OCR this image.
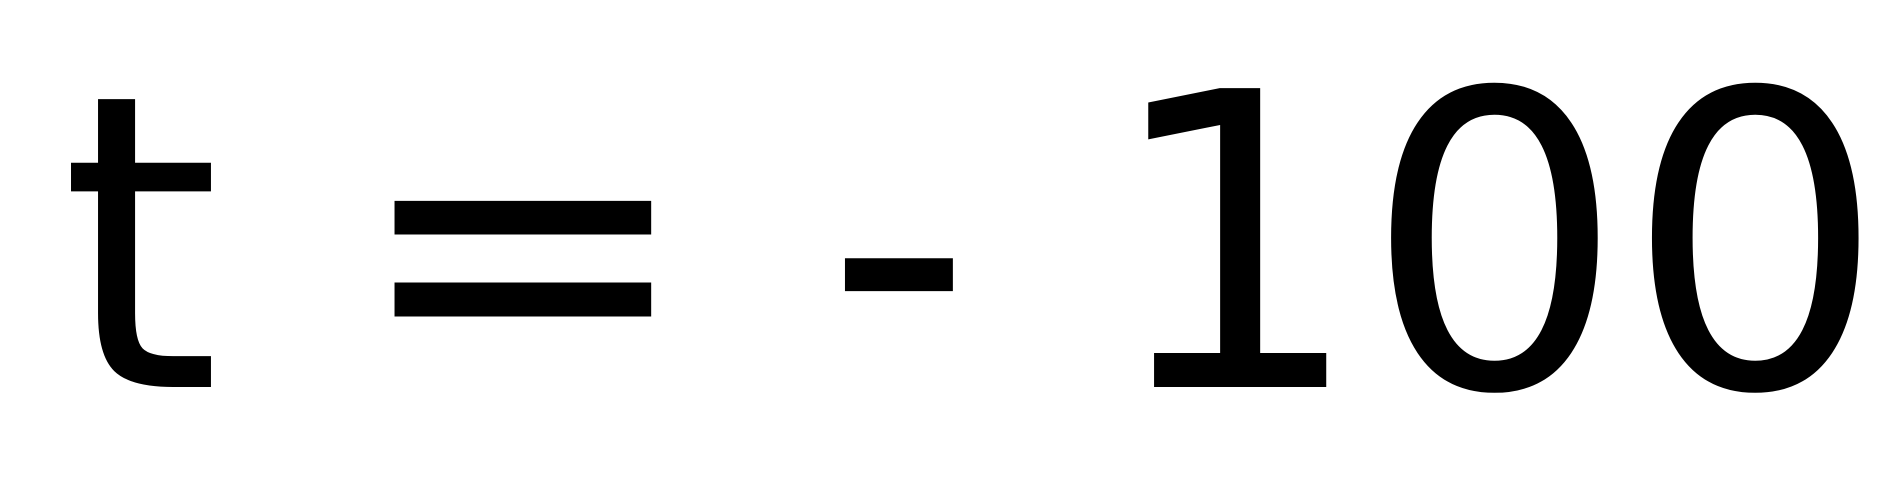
t = - 100
